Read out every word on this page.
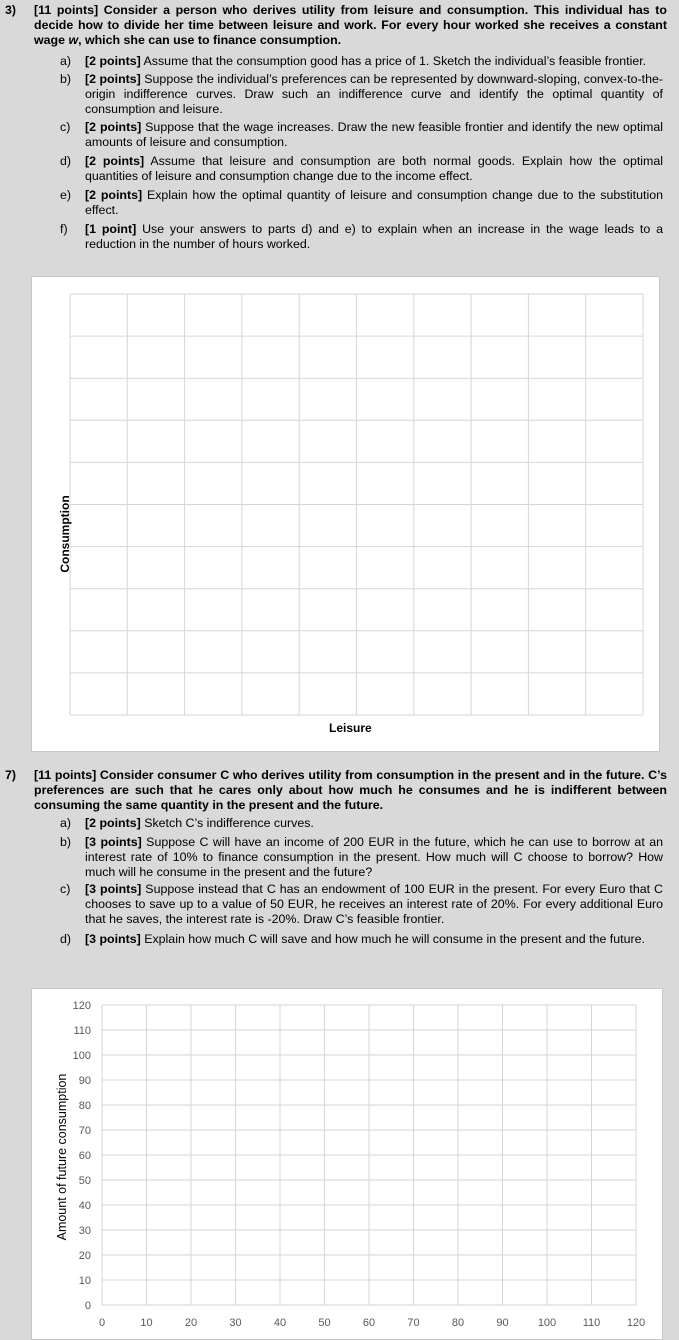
3) [11 points] Consider a person who derives utility from leisure and consumption. This individual has to decide how to divide her time between leisure and work. For every hour worked she receives a constant wage w, which she can use to finance consumption.
a)	[2 points] Assume that the consumption good has a price of 1. Sketch the individual’s feasible frontier.
b)	[2 points] Suppose the individual’s preferences can be represented by downward-sloping, convex-to-the-origin indifference curves. Draw such an indifference curve and identify the optimal quantity of consumption and leisure.
c)	[2 points] Suppose that the wage increases. Draw the new feasible frontier and identify the new optimal amounts of leisure and consumption.
d)	[2 points] Assume that leisure and consumption are both normal goods. Explain how the optimal quantities of leisure and consumption change due to the income effect.
e)	[2 points] Explain how the optimal quantity of leisure and consumption change due to the substitution effect.
f)	[1 point] Use your answers to parts d) and e) to explain when an increase in the wage leads to a reduction in the number of hours worked.
Consumption
Leisure
7) [11 points] Consider consumer C who derives utility from consumption in the present and in the future. C’s preferences are such that he cares only about how much he consumes and he is indifferent between consuming the same quantity in the present and the future.
a)	[2 points] Sketch C’s indifference curves.
b)	[3 points] Suppose C will have an income of 200 EUR in the future, which he can use to borrow at an interest rate of 10% to finance consumption in the present. How much will C choose to borrow? How much will he consume in the present and the future?
c)	[3 points] Suppose instead that C has an endowment of 100 EUR in the present. For every Euro that C chooses to save up to a value of 50 EUR, he receives an interest rate of 20%. For every additional Euro that he saves, the interest rate is -20%. Draw C’s feasible frontier.
d)	[3 points] Explain how much C will save and how much he will consume in the present and the future.
0	10	20	30	40	50	60	70	80	90	100 110 120
0
10
20
30
40
50
60
70
80
90
100
110
120
Amount of future consumption
